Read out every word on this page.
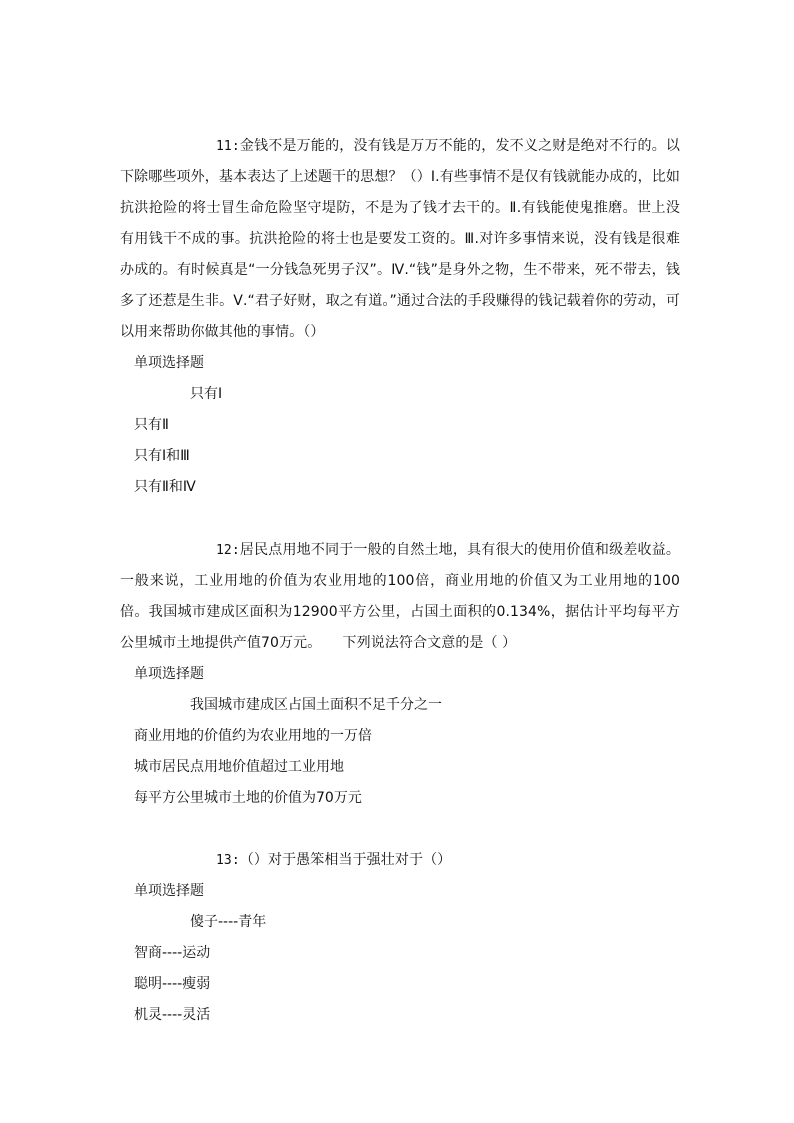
11:金钱不是万能的，没有钱是万万不能的，发不义之财是绝对不行的。以下除哪些项外，基本表达了上述题干的思想？（）Ⅰ.有些事情不是仅有钱就能办成的，比如抗洪抢险的将士冒生命危险坚守堤防，不是为了钱才去干的。Ⅱ.有钱能使鬼推磨。世上没有用钱干不成的事。抗洪抢险的将士也是要发工资的。Ⅲ.对许多事情来说，没有钱是很难办成的。有时候真是“一分钱急死男子汉”。Ⅳ.“钱”是身外之物，生不带来，死不带去，钱多了还惹是生非。Ⅴ.“君子好财，取之有道。”通过合法的手段赚得的钱记载着你的劳动，可以用来帮助你做其他的事情。（）

单项选择题

只有Ⅰ
只有Ⅱ
只有Ⅰ和Ⅲ
只有Ⅱ和Ⅳ

12:居民点用地不同于一般的自然土地，具有很大的使用价值和级差收益。一般来说，工业用地的价值为农业用地的100倍，商业用地的价值又为工业用地的100倍。我国城市建成区面积为12900平方公里，占国土面积的0.134%，据估计平均每平方公里城市土地提供产值70万元。　　下列说法符合文意的是（ ）

单项选择题

我国城市建成区占国土面积不足千分之一
商业用地的价值约为农业用地的一万倍
城市居民点用地价值超过工业用地
每平方公里城市土地的价值为70万元

13:（）对于愚笨相当于强壮对于（）

单项选择题

傻子----青年
智商----运动
聪明----瘦弱
机灵----灵活
